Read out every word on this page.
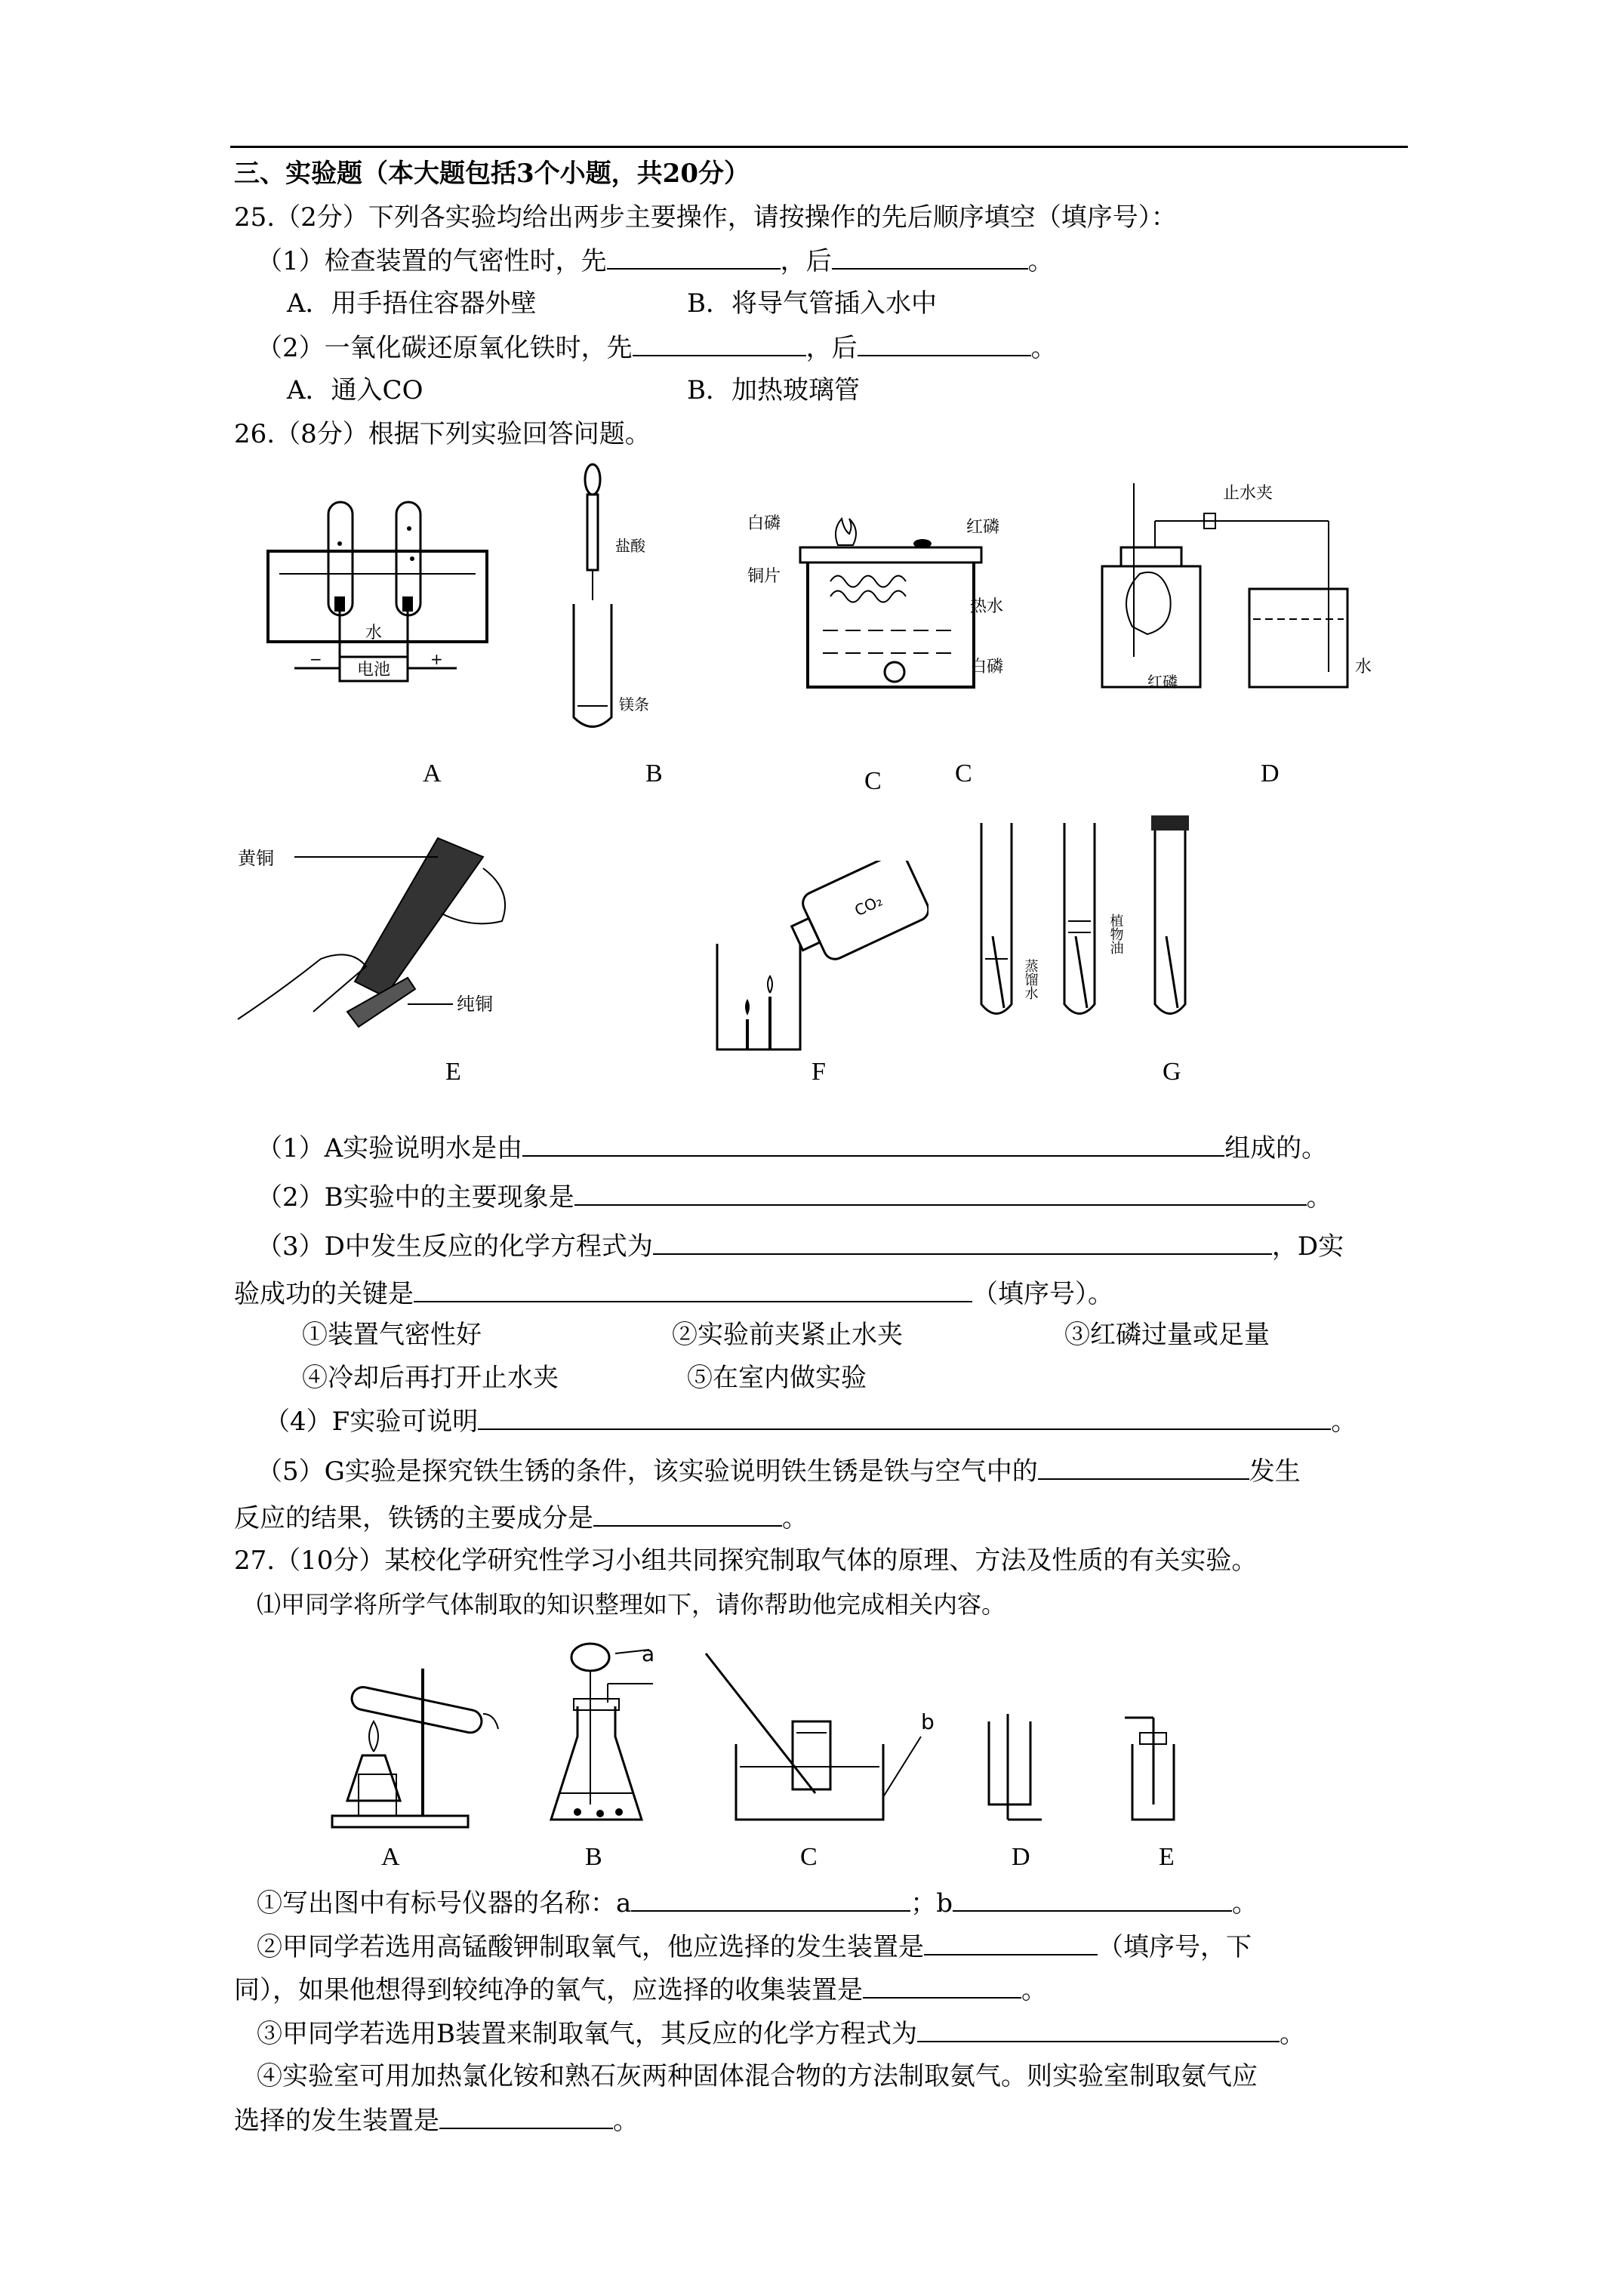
三、实验题（本大题包括3个小题，共20分）
25.（2分）下列各实验均给出两步主要操作，请按操作的先后顺序填空（填序号）：
（1）检查装置的气密性时，先	，后	。
A．用手捂住容器外壁	B．将导气管插入水中
（2）一氧化碳还原氧化铁时，先	，后	。
A．通入CO	B．加热玻璃管
26.（8分）根据下列实验回答问题。
水
电池
−	+
A
盐酸
镁条
B
白磷
铜片
红磷
热水
白磷
C	C
止水夹
红磷
水
D
黄铜
纯铜
E
CO₂
F
蒸馏水
植物油
G
（1）A实验说明水是由	组成的。
（2）B实验中的主要现象是	。
（3）D中发生反应的化学方程式为	，D实
验成功的关键是	（填序号）。
①装置气密性好	②实验前夹紧止水夹	③红磷过量或足量
④冷却后再打开止水夹	⑤在室内做实验
（4）F实验可说明	。
（5）G实验是探究铁生锈的条件，该实验说明铁生锈是铁与空气中的	发生
反应的结果，铁锈的主要成分是	。
27.（10分）某校化学研究性学习小组共同探究制取气体的原理、方法及性质的有关实验。
⑴甲同学将所学气体制取的知识整理如下，请你帮助他完成相关内容。
A
a
B
b
C	D	E
①写出图中有标号仪器的名称：a	；b	。
②甲同学若选用高锰酸钾制取氧气，他应选择的发生装置是	（填序号，下
同），如果他想得到较纯净的氧气，应选择的收集装置是	。
③甲同学若选用B装置来制取氧气，其反应的化学方程式为	。
④实验室可用加热氯化铵和熟石灰两种固体混合物的方法制取氨气。则实验室制取氨气应
选择的发生装置是	。
